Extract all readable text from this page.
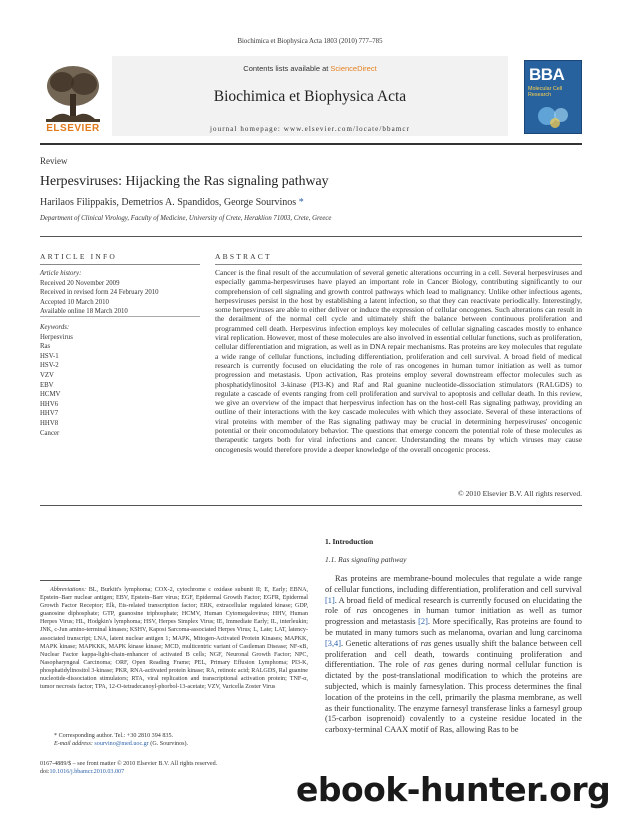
Biochimica et Biophysica Acta 1803 (2010) 777–785
Contents lists available at ScienceDirect
Biochimica et Biophysica Acta
journal homepage: www.elsevier.com/locate/bbamcr
ELSEVIER
BBA
Molecular Cell Research
Review
Herpesviruses: Hijacking the Ras signaling pathway
Harilaos Filippakis, Demetrios A. Spandidos, George Sourvinos *
Department of Clinical Virology, Faculty of Medicine, University of Crete, Heraklion 71003, Crete, Greece
ARTICLE INFO	ABSTRACT
Article history:
Received 20 November 2009
Received in revised form 24 February 2010
Accepted 10 March 2010
Available online 18 March 2010
Keywords:
Herpesvirus
Ras
HSV-1
HSV-2
VZV
EBV
HCMV
HHV6
HHV7
HHV8
Cancer
Cancer is the final result of the accumulation of several genetic alterations occurring in a cell. Several herpesviruses and especially gamma-herpesviruses have played an important role in Cancer Biology, contributing significantly to our comprehension of cell signaling and growth control pathways which lead to malignancy. Unlike other infectious agents, herpesviruses persist in the host by establishing a latent infection, so that they can reactivate periodically. Interestingly, some herpesviruses are able to either deliver or induce the expression of cellular oncogenes. Such alterations can result in the derailment of the normal cell cycle and ultimately shift the balance between continuous proliferation and programmed cell death. Herpesvirus infection employs key molecules of cellular signaling cascades mostly to enhance viral replication. However, most of these molecules are also involved in essential cellular functions, such as proliferation, cellular differentiation and migration, as well as in DNA repair mechanisms. Ras proteins are key molecules that regulate a wide range of cellular functions, including differentiation, proliferation and cell survival. A broad field of medical research is currently focused on elucidating the role of ras oncogenes in human tumor initiation as well as tumor progression and metastasis. Upon activation, Ras proteins employ several downstream effector molecules such as phosphatidylinositol 3-kinase (PI3-K) and Raf and Ral guanine nucleotide-dissociation stimulators (RALGDS) to regulate a cascade of events ranging from cell proliferation and survival to apoptosis and cellular death. In this review, we give an overview of the impact that herpesvirus infection has on the host-cell Ras signaling pathway, providing an outline of their interactions with the key cascade molecules with which they associate. Several of these interactions of viral proteins with member of the Ras signaling pathway may be crucial in determining herpesviruses' oncogenic potential or their oncomodulatory behavior. The questions that emerge concern the potential role of these molecules as therapeutic targets both for viral infections and cancer. Understanding the means by which viruses may cause oncogenesis would therefore provide a deeper knowledge of the overall oncogenic process.
© 2010 Elsevier B.V. All rights reserved.
Abbreviations: BL, Burkitt's lymphoma; COX-2, cytochrome c oxidase subunit II; E, Early; EBNA, Epstein–Barr nuclear antigen; EBV, Epstein–Barr virus; EGF, Epidermal Growth Factor; EGFR, Epidermal Growth Factor Receptor; Elk, Ets-related transcription factor; ERK, extracellular regulated kinase; GDP, guanosine diphosphate; GTP, guanosine triphosphate; HCMV, Human Cytomegalovirus; HHV, Human Herpes Virus; HL, Hodgkin's lymphoma; HSV, Herpes Simplex Virus; IE, Immediate Early; IL, interleukin; JNK, c-Jun amino-terminal kinases; KSHV, Kaposi Sarcoma-associated Herpes Virus; L, Late; LAT, latency-associated transcript; LNA, latent nuclear antigen 1; MAPK, Mitogen-Activated Protein Kinases; MAPKK, MAPK kinase; MAPKKK, MAPK kinase kinase; MCD, multicentric variant of Castleman Disease; NF-κB, Nuclear Factor kappa-light-chain-enhancer of activated B cells; NGF, Neuronal Growth Factor; NPC, Nasopharyngeal Carcinoma; ORF, Open Reading Frame; PEL, Primary Effusion Lymphoma; PI3-K, phosphatidylinositol 3-kinase; PKR, RNA-activated protein kinase; RA, retinoic acid; RALGDS, Ral guanine nucleotide-dissociation stimulators; RTA, viral replication and transcriptional activation protein; TNF-α, tumor necrosis factor; TPA, 12-O-tetradecanoyl-phorbol-13-acetate; VZV, Varicella Zoster Virus
* Corresponding author. Tel.: +30 2810 394 835.
E-mail address: sourvino@med.uoc.gr (G. Sourvinos).
0167-4889/$ – see front matter © 2010 Elsevier B.V. All rights reserved.
doi:10.1016/j.bbamcr.2010.03.007
1. Introduction
1.1. Ras signaling pathway
Ras proteins are membrane-bound molecules that regulate a wide range of cellular functions, including differentiation, proliferation and cell survival [1]. A broad field of medical research is currently focused on elucidating the role of ras oncogenes in human tumor initiation as well as tumor progression and metastasis [2]. More specifically, Ras proteins are found to be mutated in many tumors such as melanoma, ovarian and lung carcinoma [3,4]. Genetic alterations of ras genes usually shift the balance between cell proliferation and cell death, towards continuing proliferation and differentiation. The role of ras genes during normal cellular function is dictated by the post-translational modification to which the proteins are subjected, which is mainly farnesylation. This process determines the final location of the proteins in the cell, primarily the plasma membrane, as well as their functionality. The enzyme farnesyl transferase links a farnesyl group (15-carbon isoprenoid) covalently to a cysteine residue located in the carboxy-terminal CAAX motif of Ras, allowing Ras to be
ebook-hunter.org
